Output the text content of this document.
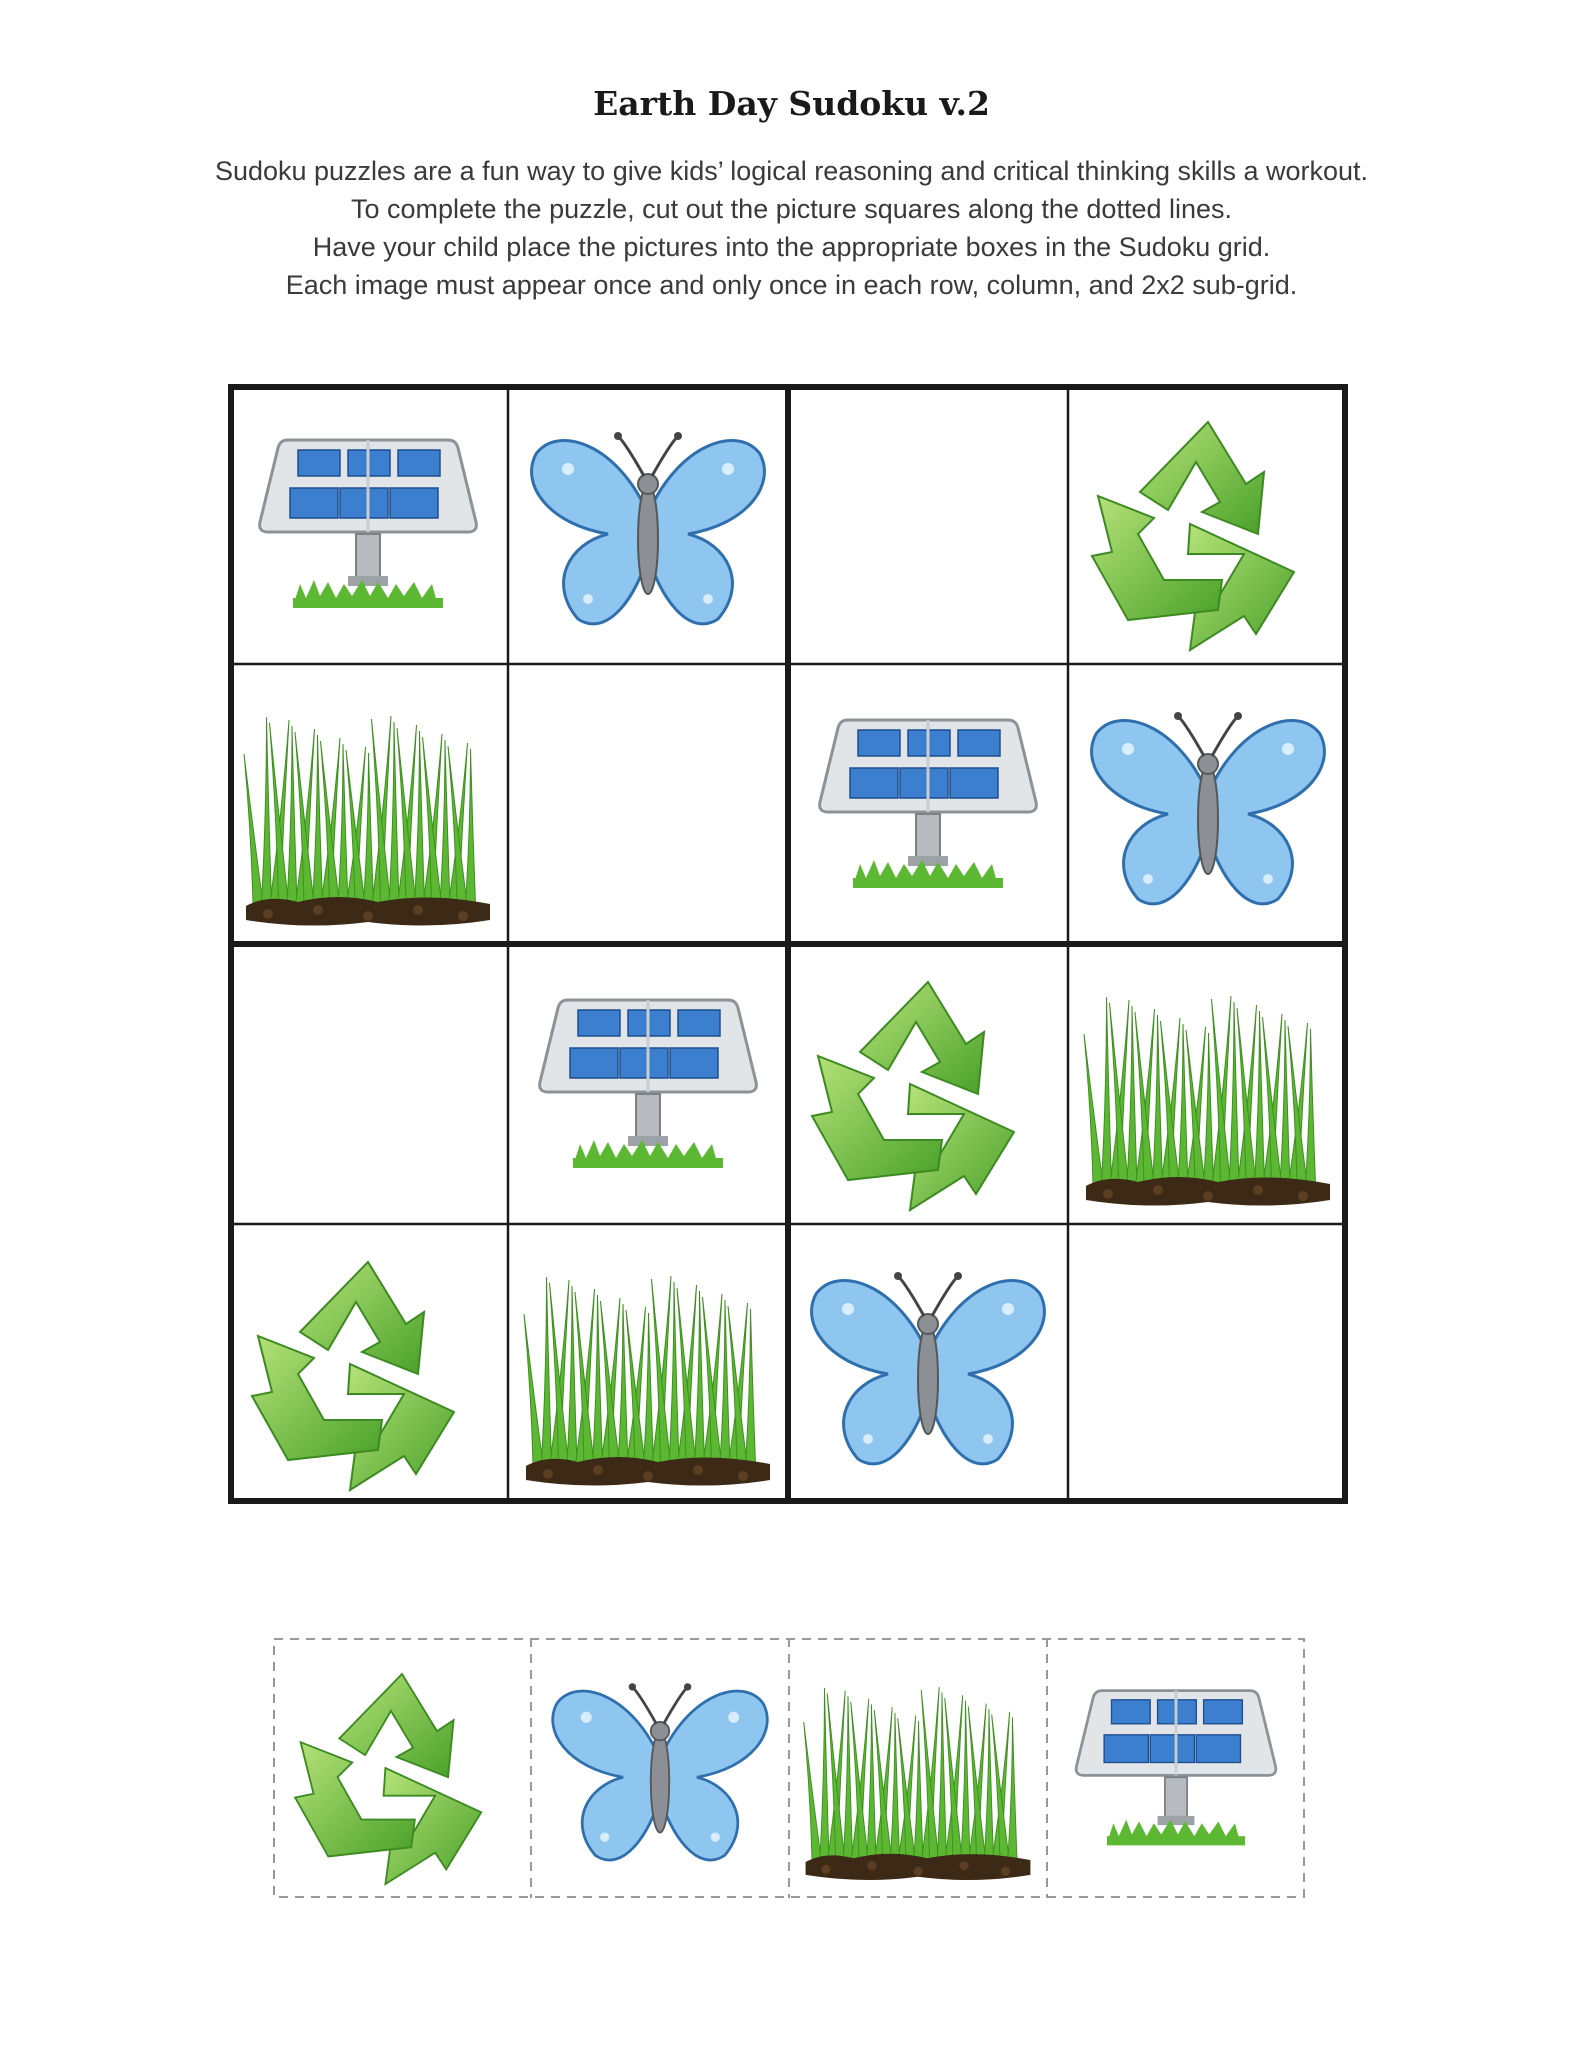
Earth Day Sudoku v.2
Sudoku puzzles are a fun way to give kids’ logical reasoning and critical thinking skills a workout.
To complete the puzzle, cut out the picture squares along the dotted lines.
Have your child place the pictures into the appropriate boxes in the Sudoku grid.
Each image must appear once and only once in each row, column, and 2x2 sub-grid.
